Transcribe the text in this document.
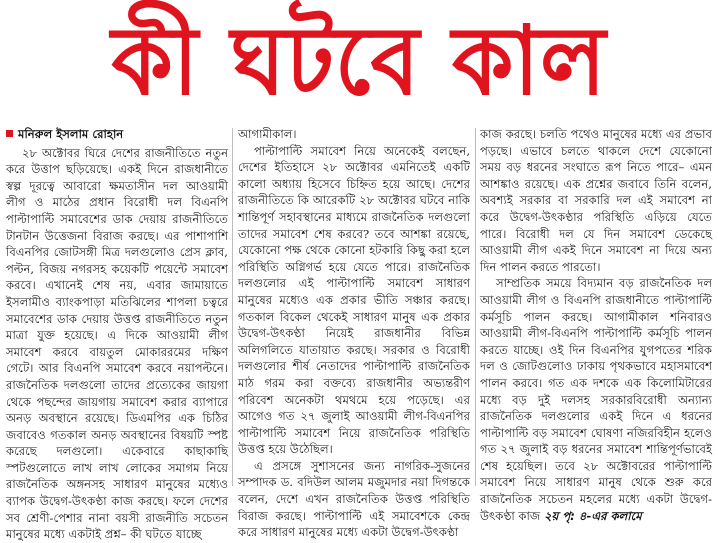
কী ঘটবে কাল
মনিরুল ইসলাম রোহান

২৮ অক্টোবর ঘিরে দেশের রাজনীতিতে নতুন করে উত্তাপ ছড়িয়েছে। একই দিনে রাজধানীতে স্বল্প দূরত্বে আবারো ক্ষমতাসীন দল আওয়ামী লীগ ও মাঠের প্রধান বিরোধী দল বিএনপি পাল্টাপাল্টি সমাবেশের ডাক দেয়ায় রাজনীতিতে টানটান উত্তেজনা বিরাজ করছে। এর পাশাপাশি বিএনপির জোটসঙ্গী মিত্র দলগুলোও প্রেস ক্লাব, পল্টন, বিজয় নগরসহ কয়েকটি পয়েন্টে সমাবেশ করবে। এখানেই শেষ নয়, এবার জামায়াতে ইসলামীও ব্যাংকপাড়া মতিঝিলের শাপলা চত্বরে সমাবেশের ডাক দেয়ায় উত্তপ্ত রাজনীতিতে নতুন মাত্রা যুক্ত হয়েছে। এ দিকে আওয়ামী লীগ সমাবেশ করবে বায়তুল মোকাররমের দক্ষিণ গেটে। আর বিএনপি সমাবেশ করবে নয়াপল্টনে। রাজনৈতিক দলগুলো তাদের প্রত্যেকের জায়গা থেকে পছন্দের জায়গায় সমাবেশ করার ব্যাপারে অনড় অবস্থানে রয়েছে। ডিএমপির এক চিঠির জবাবেও গতকাল অনড় অবস্থানের বিষয়টি স্পষ্ট করেছে দলগুলো। একেবারে কাছাকাছি স্পটগুলোতে লাখ লাখ লোকের সমাগম নিয়ে রাজনৈতিক অঙ্গনসহ সাধারণ মানুষের মধ্যেও ব্যাপক উদ্বেগ-উৎকণ্ঠা কাজ করছে। ফলে দেশের সব শ্রেণী-পেশার নানা বয়সী রাজনীতি সচেতন মানুষের মধ্যে একটাই প্রশ্ন– কী ঘটতে যাচ্ছে

আগামীকাল।

পাল্টাপাল্টি সমাবেশ নিয়ে অনেকেই বলছেন, দেশের ইতিহাসে ২৮ অক্টোবর এমনিতেই একটি কালো অধ্যায় হিসেবে চিহ্নিত হয়ে আছে। দেশের রাজনীতিতে কি আরেকটি ২৮ অক্টোবর ঘটবে নাকি শান্তিপূর্ণ সহাবস্থানের মাধ্যমে রাজনৈতিক দলগুলো তাদের সমাবেশ শেষ করবে? তবে আশঙ্কা রয়েছে, যেকোনো পক্ষ থেকে কোনো হটকারি কিছু করা হলে পরিস্থিতি অগ্নিগর্ভ হয়ে যেতে পারে। রাজনৈতিক দলগুলোর এই পাল্টাপাল্টি সমাবেশ সাধারণ মানুষের মধ্যেও এক প্রকার ভীতি সঞ্চার করছে। গতকাল বিকেল থেকেই সাধারণ মানুষ এক প্রকার উদ্বেগ-উৎকণ্ঠা নিয়েই রাজধানীর বিভিন্ন অলিগলিতে যাতায়াত করছে। সরকার ও বিরোধী দলগুলোর শীর্ষ নেতাদের পাল্টাপাল্টি রাজনৈতিক মাঠ গরম করা বক্তব্যে রাজধানীর অভ্যন্তরীণ পরিবেশ অনেকটা থমথমে হয়ে পড়েছে। এর আগেও গত ২৭ জুলাই আওয়ামী লীগ-বিএনপির পাল্টাপাল্টি সমাবেশ নিয়ে রাজনৈতিক পরিস্থিতি উত্তপ্ত হয়ে উঠেছিল।

এ প্রসঙ্গে সুশাসনের জন্য নাগরিক-সুজনের সম্পাদক ড. বদিউল আলম মজুমদার নয়া দিগন্তকে বলেন, দেশে এখন রাজনৈতিক উত্তপ্ত পরিস্থিতি বিরাজ করছে। পাল্টাপাল্টি এই সমাবেশকে কেন্দ্র করে সাধারণ মানুষের মধ্যে একটা উদ্বেগ-উৎকণ্ঠা

কাজ করছে। চলতি পথেও মানুষের মধ্যে এর প্রভাব পড়ছে। এভাবে চলতে থাকলে দেশে যেকোনো সময় বড় ধরনের সংঘাতে রূপ নিতে পারে– এমন আশঙ্কাও রয়েছে। এক প্রশ্নের জবাবে তিনি বলেন, অবশ্যই সরকার বা সরকারি দল এই সমাবেশ না করে উদ্বেগ-উৎকণ্ঠার পরিস্থিতি এড়িয়ে যেতে পারে। বিরোধী দল যে দিন সমাবেশ ডেকেছে আওয়ামী লীগ একই দিনে সমাবেশ না দিয়ে অন্য দিন পালন করতে পারতো।

সাম্প্রতিক সময়ে বিদ্যমান বড় রাজনৈতিক দল আওয়ামী লীগ ও বিএনপি রাজধানীতে পাল্টাপাল্টি কর্মসূচি পালন করছে। আগামীকাল শনিবারও আওয়ামী লীগ-বিএনপি পাল্টাপাল্টি কর্মসূচি পালন করতে যাচ্ছে। ওই দিন বিএনপির যুগপতের শরিক দল ও জোটগুলোও ঢাকায় পৃথকভাবে মহাসমাবেশ পালন করবে। গত এক দশকে এক কিলোমিটারের মধ্যে বড় দুই দলসহ সরকারবিরোধী অন্যান্য রাজনৈতিক দলগুলোর একই দিনে এ ধরনের পাল্টাপাল্টি বড় সমাবেশ ঘোষণা নজিরবিহীন হলেও গত ২৭ জুলাই বড় ধরনের সমাবেশ শান্তিপূর্ণভাবেই শেষ হয়েছিল। তবে ২৮ অক্টোবরের পাল্টাপাল্টি সমাবেশ নিয়ে সাধারণ মানুষ থেকে শুরু করে রাজনৈতিক সচেতন মহলের মধ্যে একটা উদ্বেগ-উৎকণ্ঠা কাজ ২য় পৃ: ৪-এর কলামে
